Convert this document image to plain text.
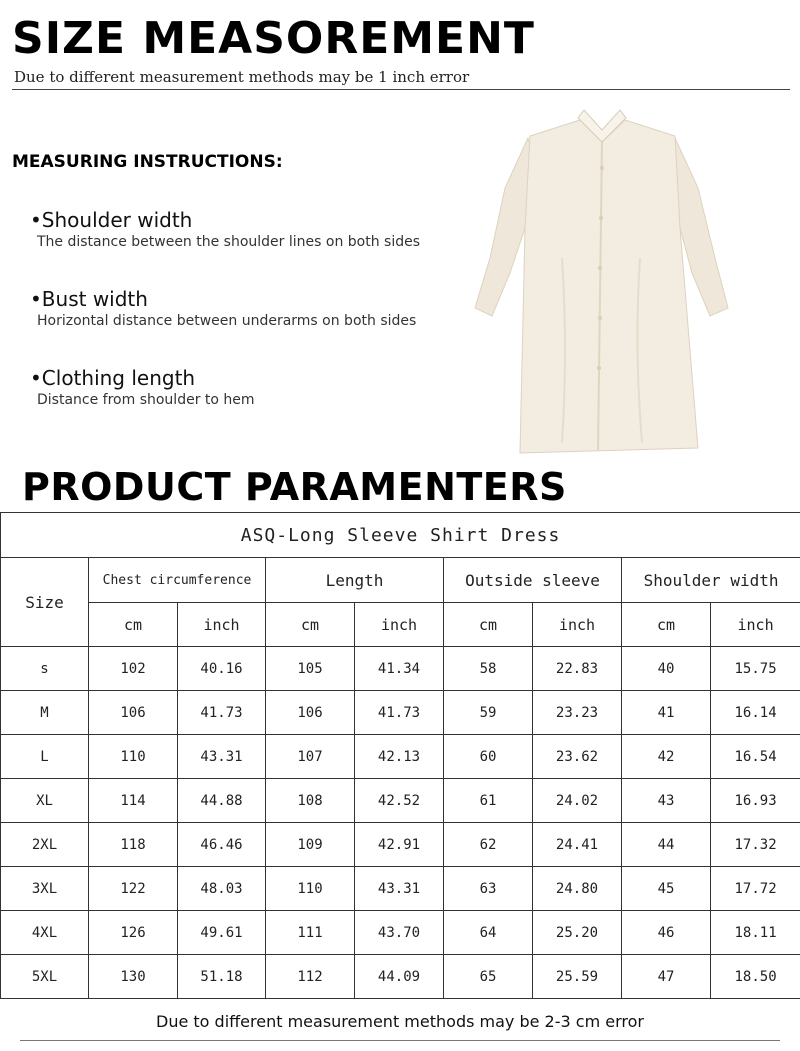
SIZE MEASOREMENT
Due to different measurement methods may be 1 inch error
MEASURING INSTRUCTIONS:
•Shoulder width
The distance between the shoulder lines on both sides
•Bust width
Horizontal distance between underarms on both sides
•Clothing length
Distance from shoulder to hem
PRODUCT PARAMENTERS
ASQ-Long Sleeve Shirt Dress								
Size	Chest circumference		Length		Outside sleeve		Shoulder width	
	cm	inch	cm	inch	cm	inch	cm	inch
s	102	40.16	105	41.34	58	22.83	40	15.75
M	106	41.73	106	41.73	59	23.23	41	16.14
L	110	43.31	107	42.13	60	23.62	42	16.54
XL	114	44.88	108	42.52	61	24.02	43	16.93
2XL	118	46.46	109	42.91	62	24.41	44	17.32
3XL	122	48.03	110	43.31	63	24.80	45	17.72
4XL	126	49.61	111	43.70	64	25.20	46	18.11
5XL	130	51.18	112	44.09	65	25.59	47	18.50
Due to different measurement methods may be 2-3 cm error
